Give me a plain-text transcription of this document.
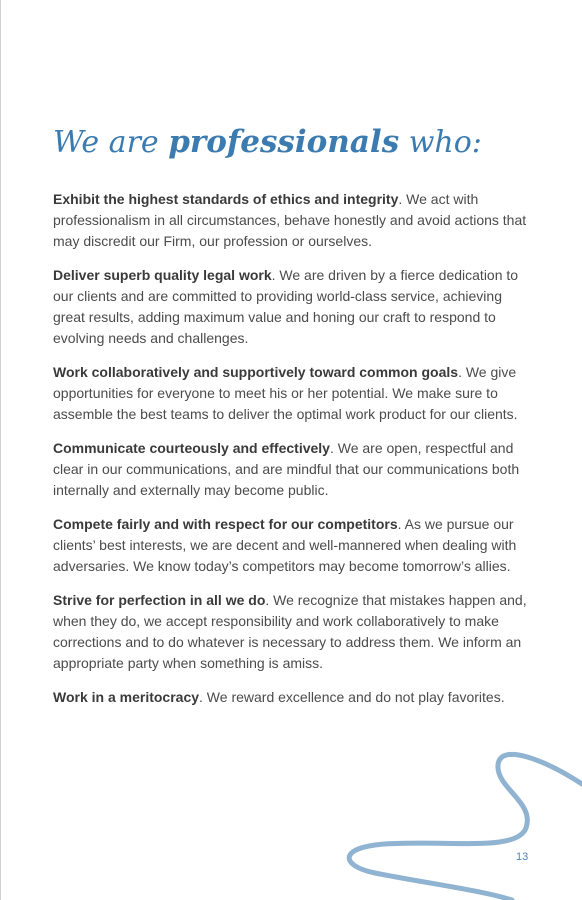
We are professionals who:

Exhibit the highest standards of ethics and integrity. We act with professionalism in all circumstances, behave honestly and avoid actions that may discredit our Firm, our profession or ourselves.

Deliver superb quality legal work. We are driven by a fierce dedication to our clients and are committed to providing world-class service, achieving great results, adding maximum value and honing our craft to respond to evolving needs and challenges.

Work collaboratively and supportively toward common goals. We give opportunities for everyone to meet his or her potential. We make sure to assemble the best teams to deliver the optimal work product for our clients.

Communicate courteously and effectively. We are open, respectful and clear in our communications, and are mindful that our communications both internally and externally may become public.

Compete fairly and with respect for our competitors. As we pursue our clients’ best interests, we are decent and well-mannered when dealing with adversaries. We know today’s competitors may become tomorrow’s allies.

Strive for perfection in all we do. We recognize that mistakes happen and, when they do, we accept responsibility and work collaboratively to make corrections and to do whatever is necessary to address them. We inform an appropriate party when something is amiss.

Work in a meritocracy. We reward excellence and do not play favorites.

13
